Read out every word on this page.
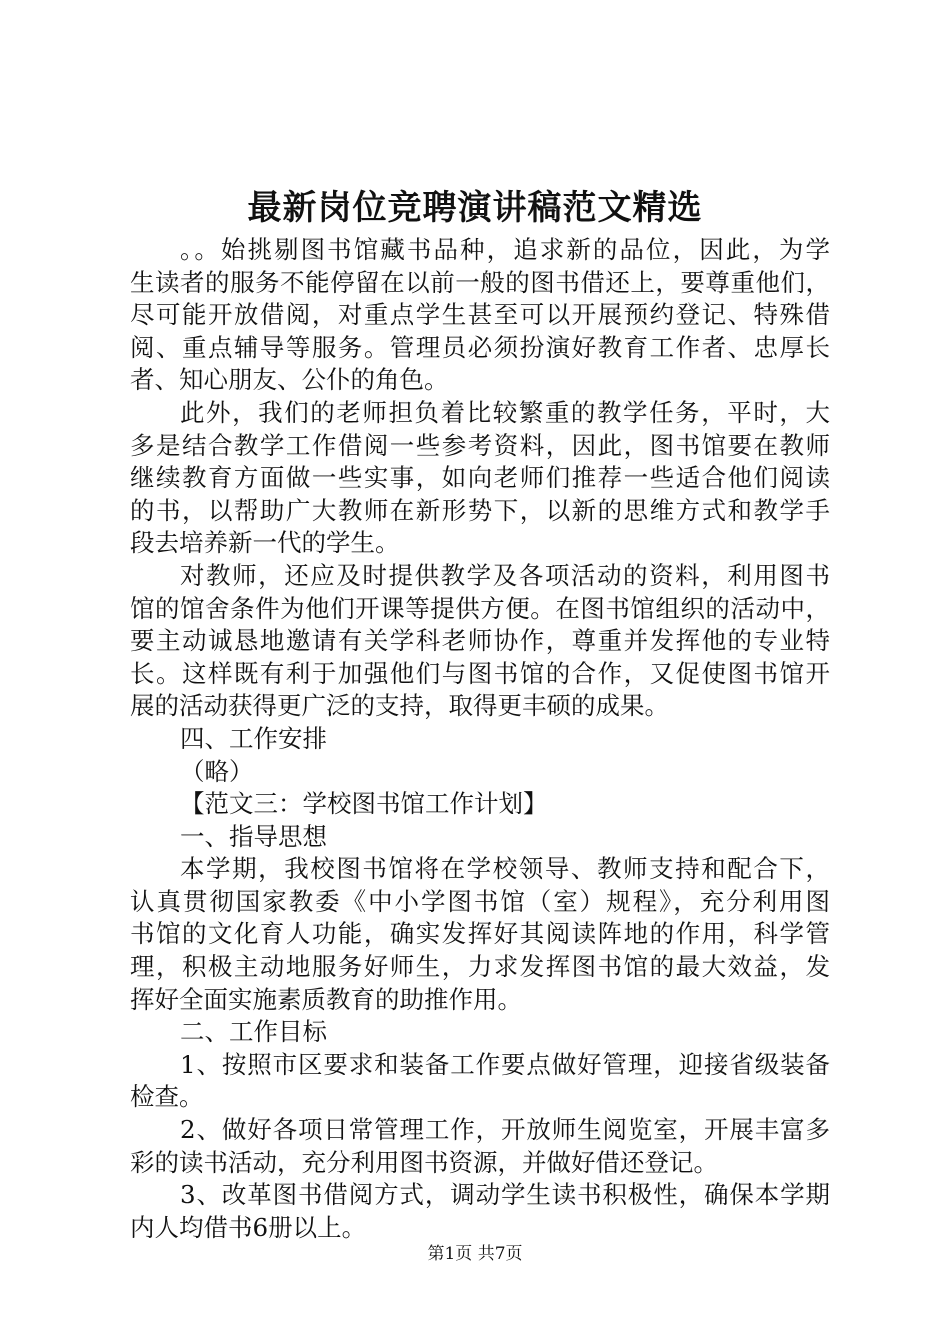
最新岗位竞聘演讲稿范文精选
。。始挑剔图书馆藏书品种，追求新的品位，因此，为学
生读者的服务不能停留在以前一般的图书借还上，要尊重他们，
尽可能开放借阅，对重点学生甚至可以开展预约登记、特殊借
阅、重点辅导等服务。管理员必须扮演好教育工作者、忠厚长
者、知心朋友、公仆的角色。
此外，我们的老师担负着比较繁重的教学任务，平时，大
多是结合教学工作借阅一些参考资料，因此，图书馆要在教师
继续教育方面做一些实事，如向老师们推荐一些适合他们阅读
的书，以帮助广大教师在新形势下，以新的思维方式和教学手
段去培养新一代的学生。
对教师，还应及时提供教学及各项活动的资料，利用图书
馆的馆舍条件为他们开课等提供方便。在图书馆组织的活动中，
要主动诚恳地邀请有关学科老师协作，尊重并发挥他的专业特
长。这样既有利于加强他们与图书馆的合作，又促使图书馆开
展的活动获得更广泛的支持，取得更丰硕的成果。
四、工作安排
（略）
【范文三：学校图书馆工作计划】
一、指导思想
本学期，我校图书馆将在学校领导、教师支持和配合下，
认真贯彻国家教委《中小学图书馆（室）规程》，充分利用图
书馆的文化育人功能，确实发挥好其阅读阵地的作用，科学管
理，积极主动地服务好师生，力求发挥图书馆的最大效益，发
挥好全面实施素质教育的助推作用。
二、工作目标
1、按照市区要求和装备工作要点做好管理，迎接省级装备
检查。
2、做好各项日常管理工作，开放师生阅览室，开展丰富多
彩的读书活动，充分利用图书资源，并做好借还登记。
3、改革图书借阅方式，调动学生读书积极性，确保本学期
内人均借书6册以上。
第1页 共7页
